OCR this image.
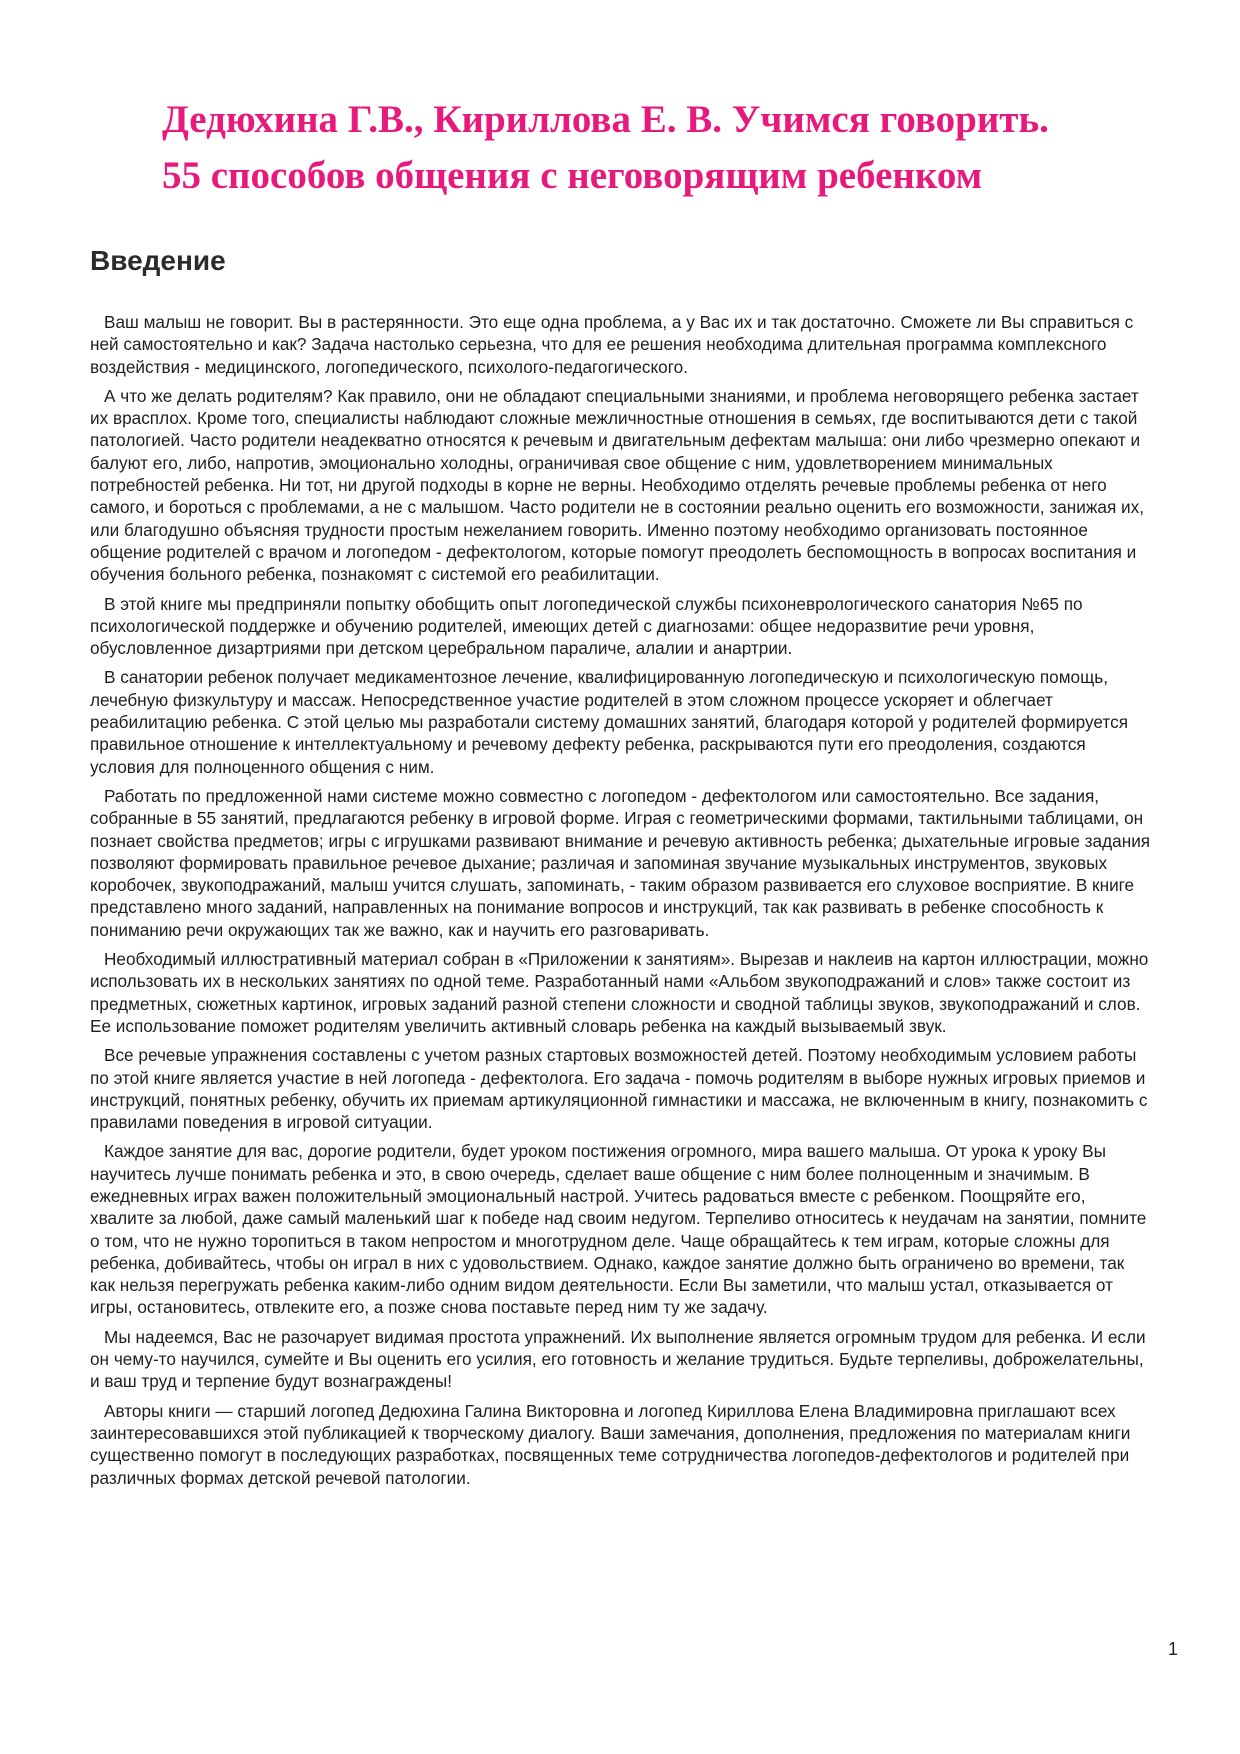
Дедюхина Г.В., Кириллова Е. В. Учимся говорить.
55 способов общения с неговорящим ребенком
Введение

Ваш малыш не говорит. Вы в растерянности. Это еще одна проблема, а у Вас их и так достаточно. Сможете ли Вы справиться с ней самостоятельно и как? Задача настолько серьезна, что для ее решения необходима длительная программа комплексного воздействия - медицинского, логопедического, психолого-педагогического.

А что же делать родителям? Как правило, они не обладают специальными знаниями, и проблема неговорящего ребенка застает их врасплох. Кроме того, специалисты наблюдают сложные межличностные отношения в семьях, где воспитываются дети с такой патологией. Часто родители неадекватно относятся к речевым и двигательным дефектам малыша: они либо чрезмерно опекают и балуют его, либо, напротив, эмоционально холодны, ограничивая свое общение с ним, удовлетворением минимальных потребностей ребенка. Ни тот, ни другой подходы в корне не верны. Необходимо отделять речевые проблемы ребенка от него самого, и бороться с проблемами, а не с малышом. Часто родители не в состоянии реально оценить его возможности, занижая их, или благодушно объясняя трудности простым нежеланием говорить. Именно поэтому необходимо организовать постоянное общение родителей с врачом и логопедом - дефектологом, которые помогут преодолеть беспомощность в вопросах воспитания и обучения больного ребенка, познакомят с системой его реабилитации.

В этой книге мы предприняли попытку обобщить опыт логопедической службы психоневрологического санатория №65 по психологической поддержке и обучению родителей, имеющих детей с диагнозами: общее недоразвитие речи уровня, обусловленное дизартриями при детском церебральном параличе, алалии и анартрии.

В санатории ребенок получает медикаментозное лечение, квалифицированную логопедическую и психологическую помощь, лечебную физкультуру и массаж. Непосредственное участие родителей в этом сложном процессе ускоряет и облегчает реабилитацию ребенка. С этой целью мы разработали систему домашних занятий, благодаря которой у родителей формируется правильное отношение к интеллектуальному и речевому дефекту ребенка, раскрываются пути его преодоления, создаются условия для полноценного общения с ним.

Работать по предложенной нами системе можно совместно с логопедом - дефектологом или самостоятельно. Все задания, собранные в 55 занятий, предлагаются ребенку в игровой форме. Играя с геометрическими формами, тактильными таблицами, он познает свойства предметов; игры с игрушками развивают внимание и речевую активность ребенка; дыхательные игровые задания позволяют формировать правильное речевое дыхание; различая и запоминая звучание музыкальных инструментов, звуковых коробочек, звукоподражаний, малыш учится слушать, запоминать, - таким образом развивается его слуховое восприятие. В книге представлено много заданий, направленных на понимание вопросов и инструкций, так как развивать в ребенке способность к пониманию речи окружающих так же важно, как и научить его разговаривать.

Необходимый иллюстративный материал собран в «Приложении к занятиям». Вырезав и наклеив на картон иллюстрации, можно использовать их в нескольких занятиях по одной теме. Разработанный нами «Альбом звукоподражаний и слов» также состоит из предметных, сюжетных картинок, игровых заданий разной степени сложности и сводной таблицы звуков, звукоподражаний и слов. Ее использование поможет родителям увеличить активный словарь ребенка на каждый вызываемый звук.

Все речевые упражнения составлены с учетом разных стартовых возможностей детей. Поэтому необходимым условием работы по этой книге является участие в ней логопеда - дефектолога. Его задача - помочь родителям в выборе нужных игровых приемов и инструкций, понятных ребенку, обучить их приемам артикуляционной гимнастики и массажа, не включенным в книгу, познакомить с правилами поведения в игровой ситуации.

Каждое занятие для вас, дорогие родители, будет уроком постижения огромного, мира вашего малыша. От урока к уроку Вы научитесь лучше понимать ребенка и это, в свою очередь, сделает ваше общение с ним более полноценным и значимым. В ежедневных играх важен положительный эмоциональный настрой. Учитесь радоваться вместе с ребенком. Поощряйте его, хвалите за любой, даже самый маленький шаг к победе над своим недугом. Терпеливо относитесь к неудачам на занятии, помните о том, что не нужно торопиться в таком непростом и многотрудном деле. Чаще обращайтесь к тем играм, которые сложны для ребенка, добивайтесь, чтобы он играл в них с удовольствием. Однако, каждое занятие должно быть ограничено во времени, так как нельзя перегружать ребенка каким-либо одним видом деятельности. Если Вы заметили, что малыш устал, отказывается от игры, остановитесь, отвлеките его, а позже снова поставьте перед ним ту же задачу.

Мы надеемся, Вас не разочарует видимая простота упражнений. Их выполнение является огромным трудом для ребенка. И если он чему-то научился, сумейте и Вы оценить его усилия, его готовность и желание трудиться. Будьте терпеливы, доброжелательны, и ваш труд и терпение будут вознаграждены!

Авторы книги — старший логопед Дедюхина Галина Викторовна и логопед Кириллова Елена Владимировна приглашают всех заинтересовавшихся этой публикацией к творческому диалогу. Ваши замечания, дополнения, предложения по материалам книги существенно помогут в последующих разработках, посвященных теме сотрудничества логопедов-дефектологов и родителей при различных формах детской речевой патологии.

1
